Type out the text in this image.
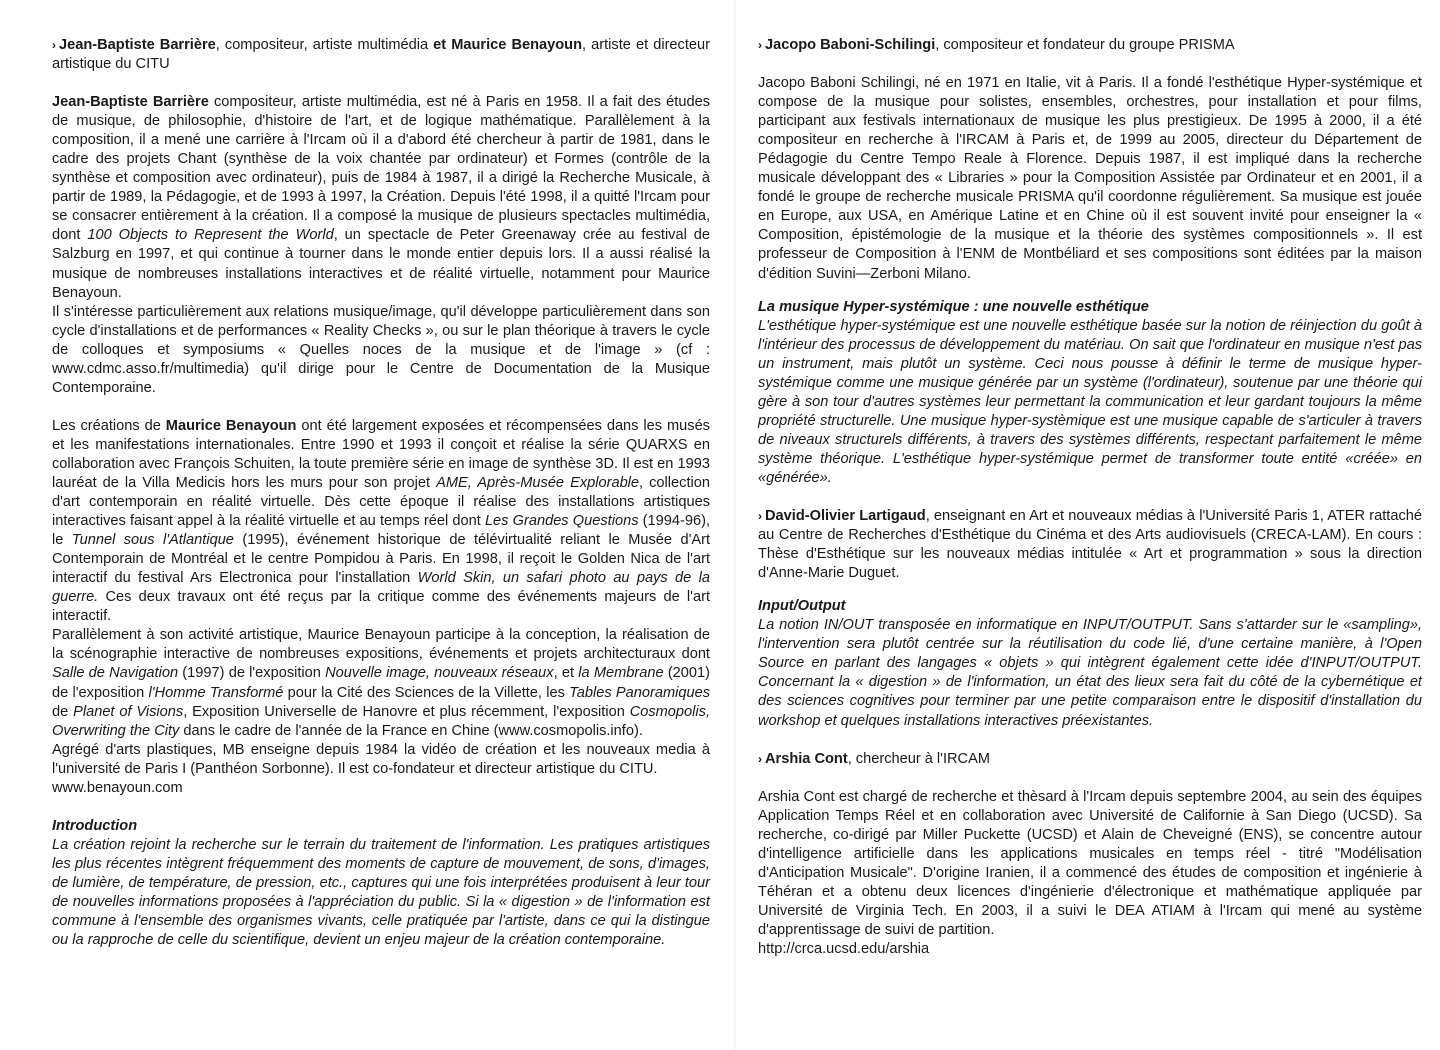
› Jean-Baptiste Barrière, compositeur, artiste multimédia et Maurice Benayoun, artiste et directeur artistique du CITU

Jean-Baptiste Barrière compositeur, artiste multimédia, est né à Paris en 1958. Il a fait des études de musique, de philosophie, d'histoire de l'art, et de logique mathématique. Parallèlement à la composition, il a mené une carrière à l'Ircam où il a d'abord été chercheur à partir de 1981, dans le cadre des projets Chant (synthèse de la voix chantée par ordinateur) et Formes (contrôle de la synthèse et composition avec ordinateur), puis de 1984 à 1987, il a dirigé la Recherche Musicale, à partir de 1989, la Pédagogie, et de 1993 à 1997, la Création. Depuis l'été 1998, il a quitté l'Ircam pour se consacrer entièrement à la création. Il a composé la musique de plusieurs spectacles multimédia, dont 100 Objects to Represent the World, un spectacle de Peter Greenaway crée au festival de Salzburg en 1997, et qui continue à tourner dans le monde entier depuis lors. Il a aussi réalisé la musique de nombreuses installations interactives et de réalité virtuelle, notamment pour Maurice Benayoun.

Il s'intéresse particulièrement aux relations musique/image, qu'il développe particulièrement dans son cycle d'installations et de performances « Reality Checks », ou sur le plan théorique à travers le cycle de colloques et symposiums « Quelles noces de la musique et de l'image » (cf : www.cdmc.asso.fr/multimedia) qu'il dirige pour le Centre de Documentation de la Musique Contemporaine.

Les créations de Maurice Benayoun ont été largement exposées et récompensées dans les musés et les manifestations internationales. Entre 1990 et 1993 il conçoit et réalise la série QUARXS en collaboration avec François Schuiten, la toute première série en image de synthèse 3D. Il est en 1993 lauréat de la Villa Medicis hors les murs pour son projet AME, Après-Musée Explorable, collection d'art contemporain en réalité virtuelle. Dès cette époque il réalise des installations artistiques interactives faisant appel à la réalité virtuelle et au temps réel dont Les Grandes Questions (1994-96), le Tunnel sous l'Atlantique (1995), événement historique de télévirtualité reliant le Musée d'Art Contemporain de Montréal et le centre Pompidou à Paris. En 1998, il reçoit le Golden Nica de l'art interactif du festival Ars Electronica pour l'installation World Skin, un safari photo au pays de la guerre. Ces deux travaux ont été reçus par la critique comme des événements majeurs de l'art interactif.

Parallèlement à son activité artistique, Maurice Benayoun participe à la conception, la réalisation de la scénographie interactive de nombreuses expositions, événements et projets architecturaux dont Salle de Navigation (1997) de l'exposition Nouvelle image, nouveaux réseaux, et la Membrane (2001) de l'exposition l'Homme Transformé pour la Cité des Sciences de la Villette, les Tables Panoramiques de Planet of Visions, Exposition Universelle de Hanovre et plus récemment, l'exposition Cosmopolis, Overwriting the City dans le cadre de l'année de la France en Chine (www.cosmopolis.info).

Agrégé d'arts plastiques, MB enseigne depuis 1984 la vidéo de création et les nouveaux media à l'université de Paris I (Panthéon Sorbonne). Il est co-fondateur et directeur artistique du CITU.

www.benayoun.com

Introduction

La création rejoint la recherche sur le terrain du traitement de l'information. Les pratiques artistiques les plus récentes intègrent fréquemment des moments de capture de mouvement, de sons, d'images, de lumière, de température, de pression, etc., captures qui une fois interprétées produisent à leur tour de nouvelles informations proposées à l'appréciation du public. Si la « digestion » de l'information est commune à l'ensemble des organismes vivants, celle pratiquée par l'artiste, dans ce qui la distingue ou la rapproche de celle du scientifique, devient un enjeu majeur de la création contemporaine.

› Jacopo Baboni-Schilingi, compositeur et fondateur du groupe PRISMA

Jacopo Baboni Schilingi, né en 1971 en Italie, vit à Paris. Il a fondé l'esthétique Hyper-systémique et compose de la musique pour solistes, ensembles, orchestres, pour installation et pour films, participant aux festivals internationaux de musique les plus prestigieux. De 1995 à 2000, il a été compositeur en recherche à l'IRCAM à Paris et, de 1999 au 2005, directeur du Département de Pédagogie du Centre Tempo Reale à Florence. Depuis 1987, il est impliqué dans la recherche musicale développant des « Libraries » pour la Composition Assistée par Ordinateur et en 2001, il a fondé le groupe de recherche musicale PRISMA qu'il coordonne régulièrement. Sa musique est jouée en Europe, aux USA, en Amérique Latine et en Chine où il est souvent invité pour enseigner la « Composition, épistémologie de la musique et la théorie des systèmes compositionnels ». Il est professeur de Composition à l'ENM de Montbéliard et ses compositions sont éditées par la maison d'édition Suvini—Zerboni Milano.

La musique Hyper-systémique : une nouvelle esthétique

L'esthétique hyper-systémique est une nouvelle esthétique basée sur la notion de réinjection du goût à l'intérieur des processus de développement du matériau. On sait que l'ordinateur en musique n'est pas un instrument, mais plutôt un système. Ceci nous pousse à définir le terme de musique hyper-systémique comme une musique générée par un système (l'ordinateur), soutenue par une théorie qui gère à son tour d'autres systèmes leur permettant la communication et leur gardant toujours la même propriété structurelle. Une musique hyper-systèmique est une musique capable de s'articuler à travers de niveaux structurels différents, à travers des systèmes différents, respectant parfaitement le même système théorique. L'esthétique hyper-systémique permet de transformer toute entité «créée» en «générée».

› David-Olivier Lartigaud, enseignant en Art et nouveaux médias à l'Université Paris 1, ATER rattaché au Centre de Recherches d'Esthétique du Cinéma et des Arts audiovisuels (CRECA-LAM). En cours : Thèse d'Esthétique sur les nouveaux médias intitulée « Art et programmation » sous la direction d'Anne-Marie Duguet.

Input/Output

La notion IN/OUT transposée en informatique en INPUT/OUTPUT. Sans s'attarder sur le «sampling», l'intervention sera plutôt centrée sur la réutilisation du code lié, d'une certaine manière, à l'Open Source en parlant des langages « objets » qui intègrent également cette idée d'INPUT/OUTPUT. Concernant la « digestion » de l'information, un état des lieux sera fait du côté de la cybernétique et des sciences cognitives pour terminer par une petite comparaison entre le dispositif d'installation du workshop et quelques installations interactives préexistantes.

› Arshia Cont, chercheur à l'IRCAM

Arshia Cont est chargé de recherche et thèsard à l'Ircam depuis septembre 2004, au sein des équipes Application Temps Réel et en collaboration avec Université de Californie à San Diego (UCSD). Sa recherche, co-dirigé par Miller Puckette (UCSD) et Alain de Cheveigné (ENS), se concentre autour d'intelligence artificielle dans les applications musicales en temps réel - titré "Modélisation d'Anticipation Musicale". D'origine Iranien, il a commencé des études de composition et ingénierie à Téhéran et a obtenu deux licences d'ingénierie d'électronique et mathématique appliquée par Université de Virginia Tech. En 2003, il a suivi le DEA ATIAM à l'Ircam qui mené au système d'apprentissage de suivi de partition.

http://crca.ucsd.edu/arshia
